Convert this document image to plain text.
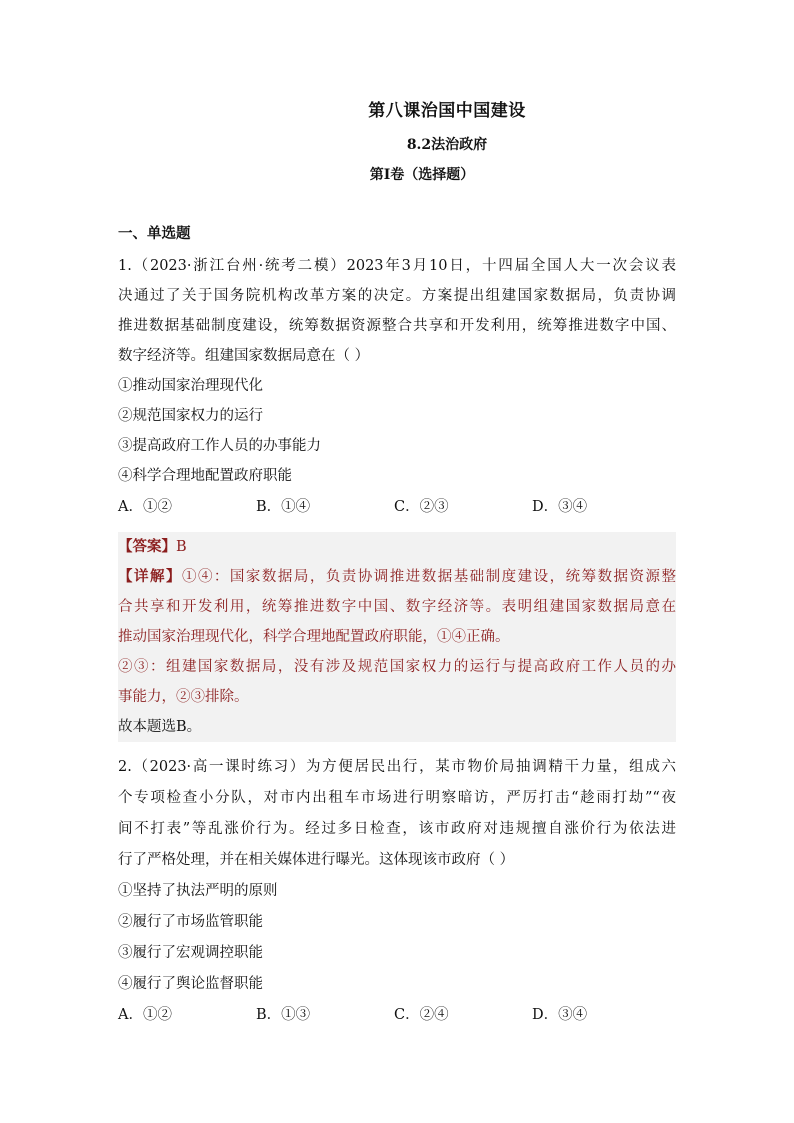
第八课治国中国建设
8.2法治政府
第I卷（选择题）
一、单选题

1.（2023·浙江台州·统考二模）2023年3月10日，十四届全国人大一次会议表

决通过了关于国务院机构改革方案的决定。方案提出组建国家数据局，负责协调

推进数据基础制度建设，统筹数据资源整合共享和开发利用，统筹推进数字中国、

数字经济等。组建国家数据局意在（ ）

①推动国家治理现代化

②规范国家权力的运行

③提高政府工作人员的办事能力

④科学合理地配置政府职能

A．①②	B．①④	C．②③	D．③④

【答案】B

【详解】①④：国家数据局，负责协调推进数据基础制度建设，统筹数据资源整

合共享和开发利用，统筹推进数字中国、数字经济等。表明组建国家数据局意在

推动国家治理现代化，科学合理地配置政府职能，①④正确。

②③：组建国家数据局，没有涉及规范国家权力的运行与提高政府工作人员的办

事能力，②③排除。

故本题选B。

2.（2023·高一课时练习）为方便居民出行，某市物价局抽调精干力量，组成六

个专项检查小分队，对市内出租车市场进行明察暗访，严厉打击“趁雨打劫”“夜

间不打表”等乱涨价行为。经过多日检查，该市政府对违规擅自涨价行为依法进

行了严格处理，并在相关媒体进行曝光。这体现该市政府（ ）

①坚持了执法严明的原则

②履行了市场监管职能

③履行了宏观调控职能

④履行了舆论监督职能

A．①②	B．①③	C．②④	D．③④
